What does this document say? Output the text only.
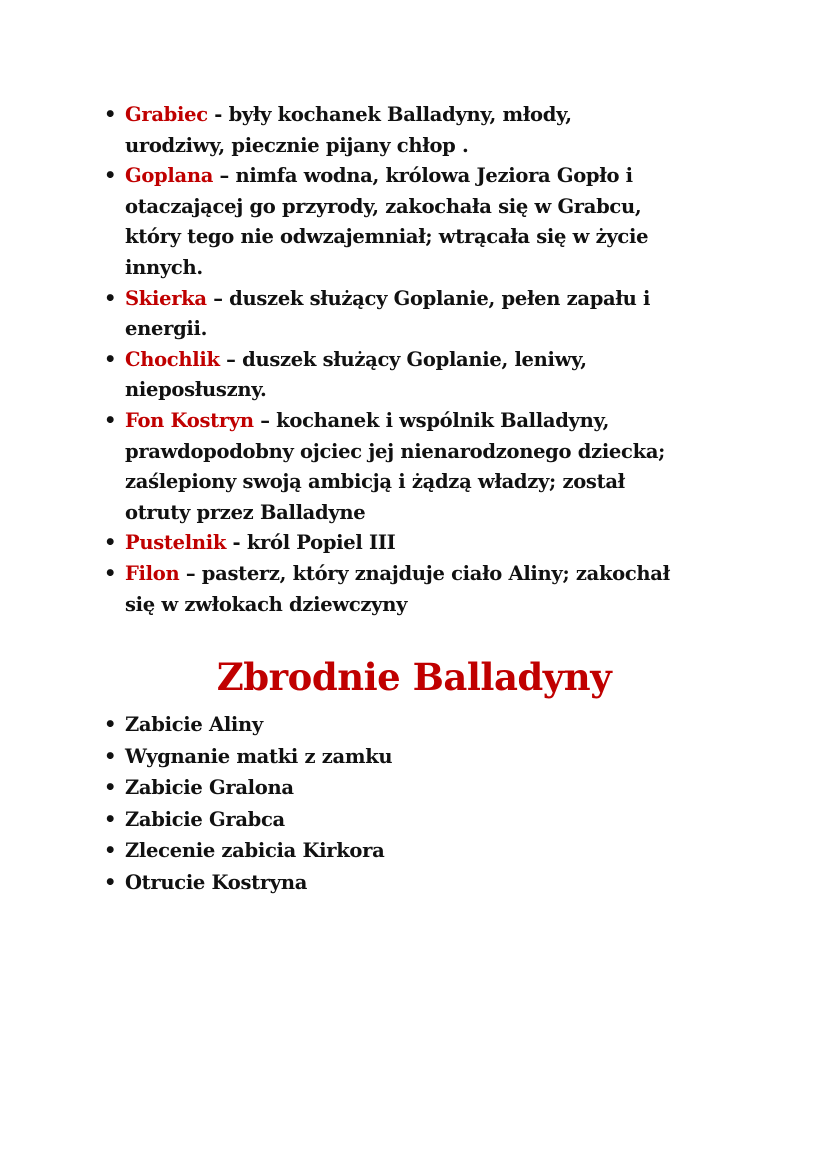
• Grabiec - były kochanek Balladyny, młody,
urodziwy, piecznie pijany chłop .
• Goplana – nimfa wodna, królowa Jeziora Gopło i
otaczającej go przyrody, zakochała się w Grabcu,
który tego nie odwzajemniał; wtrącała się w życie
innych.
• Skierka – duszek służący Goplanie, pełen zapału i
energii.
• Chochlik – duszek służący Goplanie, leniwy,
nieposłuszny.
• Fon Kostryn – kochanek i wspólnik Balladyny,
prawdopodobny ojciec jej nienarodzonego dziecka;
zaślepiony swoją ambicją i żądzą władzy; został
otruty przez Balladyne
• Pustelnik - król Popiel III
• Filon – pasterz, który znajduje ciało Aliny; zakochał
się w zwłokach dziewczyny
Zbrodnie Balladyny
• Zabicie Aliny
• Wygnanie matki z zamku
• Zabicie Gralona
• Zabicie Grabca
• Zlecenie zabicia Kirkora
• Otrucie Kostryna
